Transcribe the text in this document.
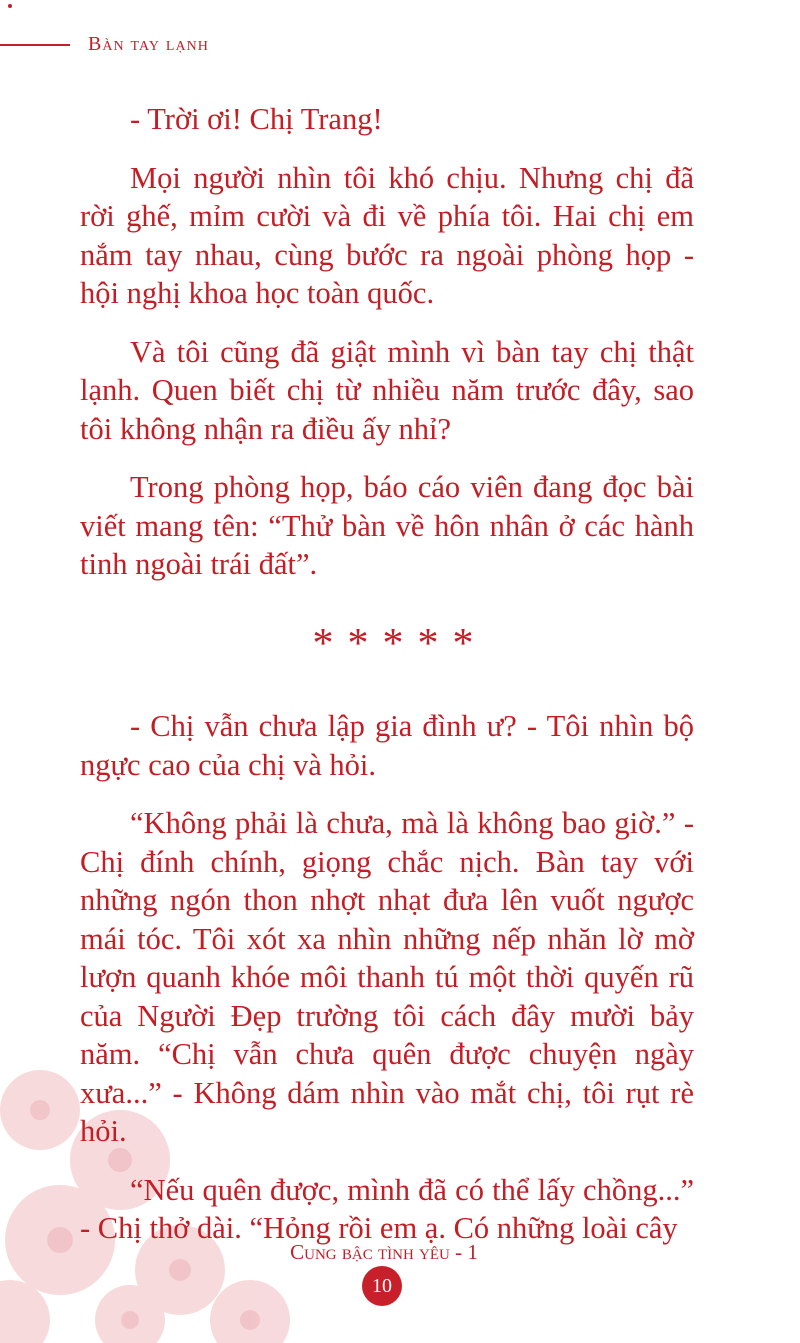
Bàn tay lạnh

- Trời ơi! Chị Trang!

Mọi người nhìn tôi khó chịu. Nhưng chị đã rời ghế, mỉm cười và đi về phía tôi. Hai chị em nắm tay nhau, cùng bước ra ngoài phòng họp - hội nghị khoa học toàn quốc.

Và tôi cũng đã giật mình vì bàn tay chị thật lạnh. Quen biết chị từ nhiều năm trước đây, sao tôi không nhận ra điều ấy nhỉ?

Trong phòng họp, báo cáo viên đang đọc bài viết mang tên: “Thử bàn về hôn nhân ở các hành tinh ngoài trái đất”.

*****

- Chị vẫn chưa lập gia đình ư? - Tôi nhìn bộ ngực cao của chị và hỏi.

“Không phải là chưa, mà là không bao giờ.” - Chị đính chính, giọng chắc nịch. Bàn tay với những ngón thon nhợt nhạt đưa lên vuốt ngược mái tóc. Tôi xót xa nhìn những nếp nhăn lờ mờ lượn quanh khóe môi thanh tú một thời quyến rũ của Người Đẹp trường tôi cách đây mười bảy năm. “Chị vẫn chưa quên được chuyện ngày xưa...” - Không dám nhìn vào mắt chị, tôi rụt rè hỏi.

“Nếu quên được, mình đã có thể lấy chồng...” - Chị thở dài. “Hỏng rồi em ạ. Có những loài cây

Cung bậc tình yêu - 1
10
